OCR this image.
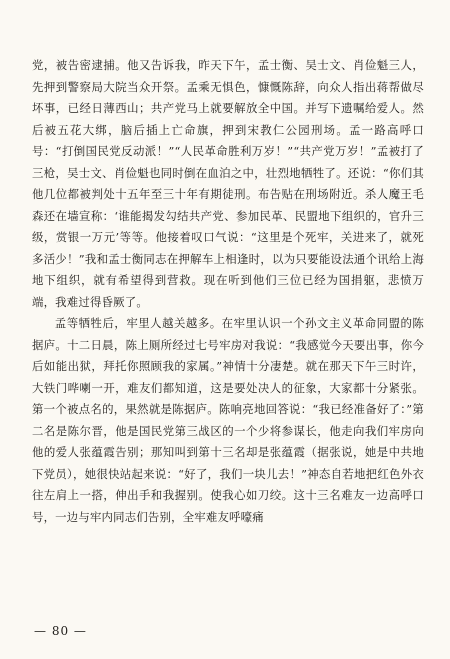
党，被告密逮捕。他又告诉我，昨天下午，孟士衡、吴士文、肖俭魁三人，先押到警察局大院当众开祭。孟乘无惧色，慷慨陈辞，向众人指出蒋帮做尽坏事，已经日薄西山；共产党马上就要解放全中国。并写下遗嘱给爱人。然后被五花大绑，脑后插上亡命旗，押到宋教仁公园刑场。孟一路高呼口号：“打倒国民党反动派！”“人民革命胜利万岁！”“共产党万岁！”孟被打了三枪，吴士文、肖俭魁也同时倒在血泊之中，壮烈地牺牲了。还说：“你们其他几位都被判处十五年至三十年有期徒刑。布告贴在刑场附近。杀人魔王毛森还在墙宣称：‘谁能揭发勾结共产党、参加民革、民盟地下组织的，官升三级，赏银一万元’等等。他接着叹口气说：“这里是个死牢，关进来了，就死多活少！”我和孟士衡同志在押解车上相逢时，以为只要能设法通个讯给上海地下组织，就有希望得到营救。现在听到他们三位已经为国捐躯，悲愤万端，我难过得昏厥了。

孟等牺牲后，牢里人越关越多。在牢里认识一个孙文主义革命同盟的陈据庐。十二日晨，陈上厕所经过七号牢房对我说：“我感觉今天要出事，你今后如能出狱，拜托你照顾我的家属。”神情十分凄楚。就在那天下午三时许，大铁门哗喇一开，难友们都知道，这是要处决人的征象，大家都十分紧张。第一个被点名的，果然就是陈据庐。陈响亮地回答说：“我已经准备好了：”第二名是陈尔晋，他是国民党第三战区的一个少将参谋长，他走向我们牢房向他的爱人张蕴霞告别；那知叫到第十三名却是张蕴霞（据张说，她是中共地下党员），她很快站起来说：“好了，我们一块儿去！”神态自若地把红色外衣往左肩上一搭，伸出手和我握别。使我心如刀绞。这十三名难友一边高呼口号，一边与牢内同志们告别，全牢难友呼嚎痛

— 80 —
